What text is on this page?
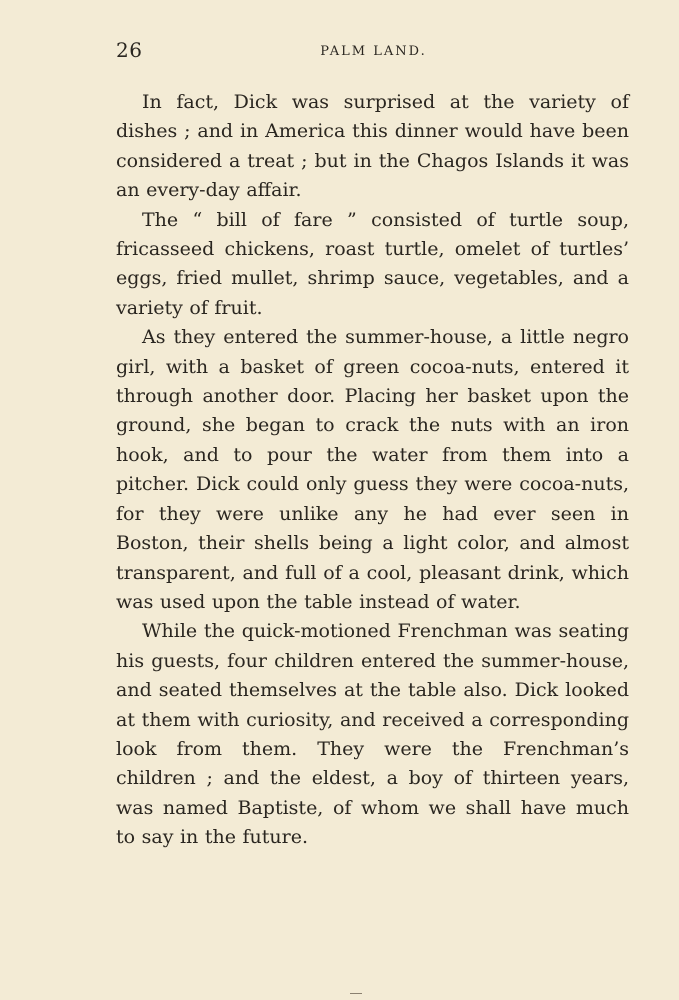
26	PALM LAND.

In fact, Dick was surprised at the variety of dishes ; and in America this dinner would have been considered a treat ; but in the Chagos Islands it was an every-day affair.

The “ bill of fare ” consisted of turtle soup, fricasseed chickens, roast turtle, omelet of turtles’ eggs, fried mullet, shrimp sauce, vegetables, and a variety of fruit.

As they entered the summer-house, a little negro girl, with a basket of green cocoa-nuts, entered it through another door. Placing her basket upon the ground, she began to crack the nuts with an iron hook, and to pour the water from them into a pitcher. Dick could only guess they were cocoa-nuts, for they were unlike any he had ever seen in Boston, their shells being a light color, and almost transparent, and full of a cool, pleasant drink, which was used upon the table instead of water.

While the quick-motioned Frenchman was seating his guests, four children entered the summer-house, and seated themselves at the table also. Dick looked at them with curiosity, and received a corresponding look from them. They were the Frenchman’s children ; and the eldest, a boy of thirteen years, was named Baptiste, of whom we shall have much to say in the future.
